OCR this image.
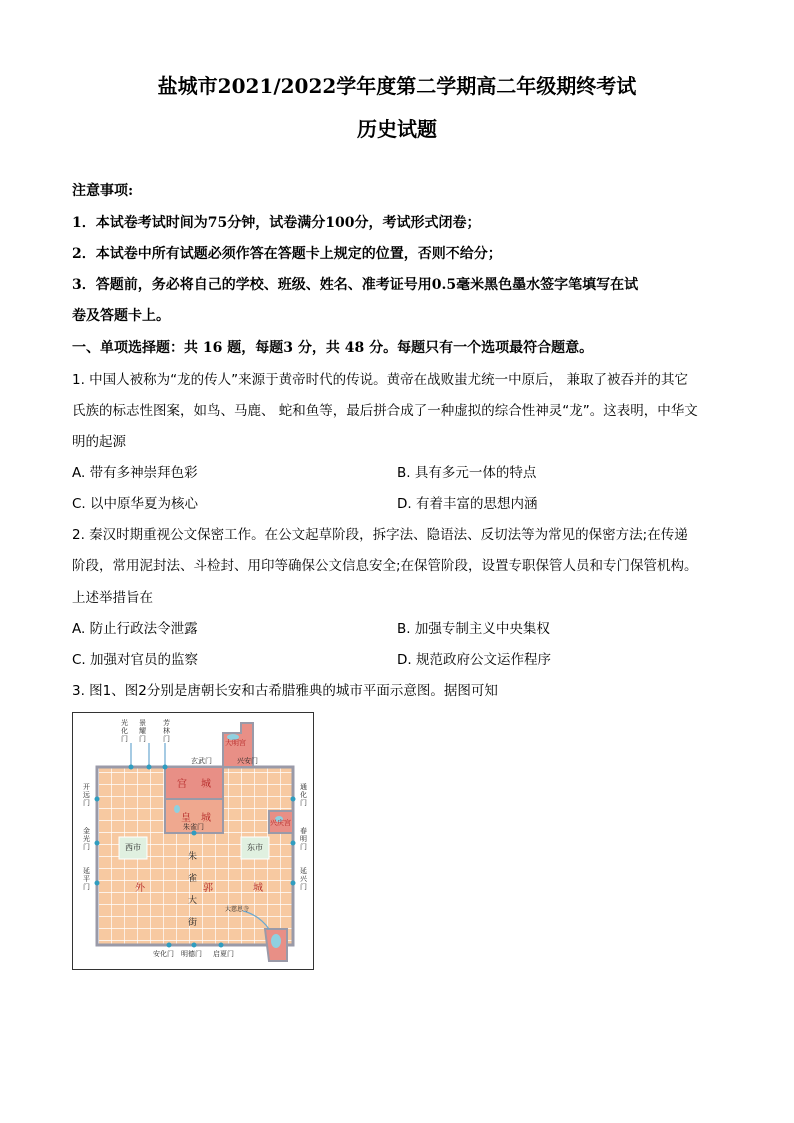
盐城市2021/2022学年度第二学期高二年级期终考试
历史试题
注意事项:
1．本试卷考试时间为75分钟，试卷满分100分，考试形式闭卷；
2．本试卷中所有试题必须作答在答题卡上规定的位置，否则不给分；
3．答题前，务必将自己的学校、班级、姓名、准考证号用0.5毫米黑色墨水签字笔填写在试
卷及答题卡上。
一、单项选择题：共 16 题，每题3 分，共 48 分。每题只有一个选项最符合题意。
1. 中国人被称为“龙的传人”来源于黄帝时代的传说。黄帝在战败蚩尤统一中原后， 兼取了被吞并的其它
氏族的标志性图案，如鸟、马鹿、 蛇和鱼等，最后拼合成了一种虚拟的综合性神灵“龙”。这表明，中华文
明的起源
A. 带有多神崇拜色彩	B. 具有多元一体的特点
C. 以中原华夏为核心	D. 有着丰富的思想内涵
2. 秦汉时期重视公文保密工作。在公文起草阶段，拆字法、隐语法、反切法等为常见的保密方法;在传递
阶段，常用泥封法、斗检封、用印等确保公文信息安全;在保管阶段，设置专职保管人员和专门保管机构。
上述举措旨在
A. 防止行政法令泄露	B. 加强专制主义中央集权
C. 加强对官员的监察	D. 规范政府公文运作程序
3. 图1、图2分别是唐朝长安和古希腊雅典的城市平面示意图。据图可知
大明宫
宫 城
皇 城	兴庆宫
外	郭	城
玄武门	兴安门
朱雀门
西市	东市
大慈恩寺
朱
雀
大
街
安化门 明德门 启夏门
光化门
景耀门
芳林门
开远门
金光门
延平门
通化门
春明门
延兴门
